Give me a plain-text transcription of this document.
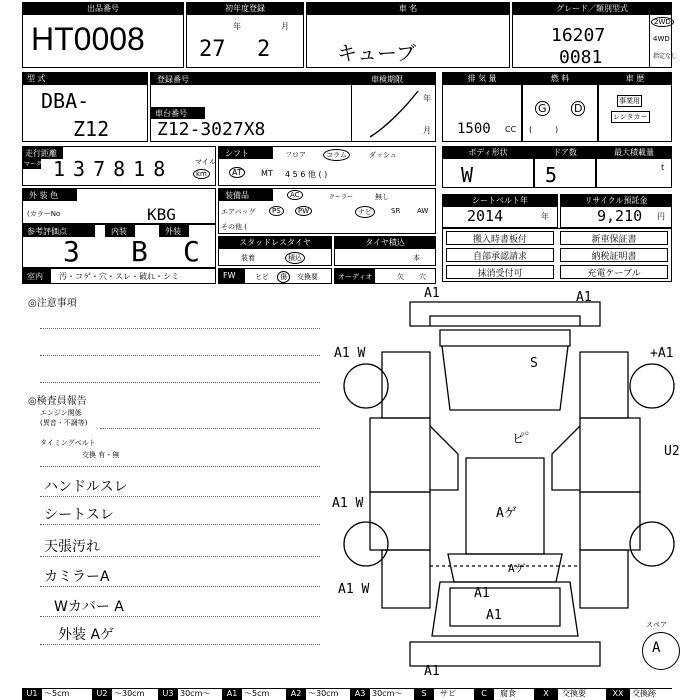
出品番号
HT0008
初年度登録
年	月
27 2
車 名
キューブ
グレード／類別型式
16207
0081
2WD
4WD
指定なし
型 式
DBA-
Z12
登録番号	車検期限
車台番号
Z12-3027X8
年
月
排 気 量
1500 CC
燃 料
G D
(         )
車 歴
事業用
レンタカー
走行距離
マーク 137818	マイル
km
シフト	フロア	コラム	ダッシュ
AT	MT 4 5 6 他 ( )
ボディ形状
W
ドア数
5
最大積載量
t
外 装 色
(カラーNo	KBG
装備品	AC	クーラー	無し
エアバッグ	PS	PW	ナビ	SR AW
その他 (
シートベルト年
2014	年
リサイクル預託金
9,210 円
参考評価点	内装	外装
3 B C	スタッドレスタイヤ
装着	積込
タイヤ積込
本
搬入時書板付	新車保証書
自部承認請求	納税証明書
抹消受付可	充電ケーブル
室内 汚・コゲ・穴・スレ・破れ・シミ	FW	ヒビ	傷	交換要	オーディオ	欠 穴
◎注意事項
◎検査員報告
エンジン関係
(異音・不調等)
タイミングベルト
交換 有・無
ハンドルスレ
シートスレ
天張汚れ
カミラーA
Wカバー A
外装 Aゲ
A1	A1
A1 W	+A1
S
ピ゜
U2
A1 W
Aゲ
Aゲ
A1
A1 W
A1
A1
スペア
A
U1 ～5cm	U2 ～30cm	U3 30cm～	A1 ～5cm	A2 ～30cm	A3 30cm～	S	サビ	C	腐食	X	交換要	XX	交換跡
